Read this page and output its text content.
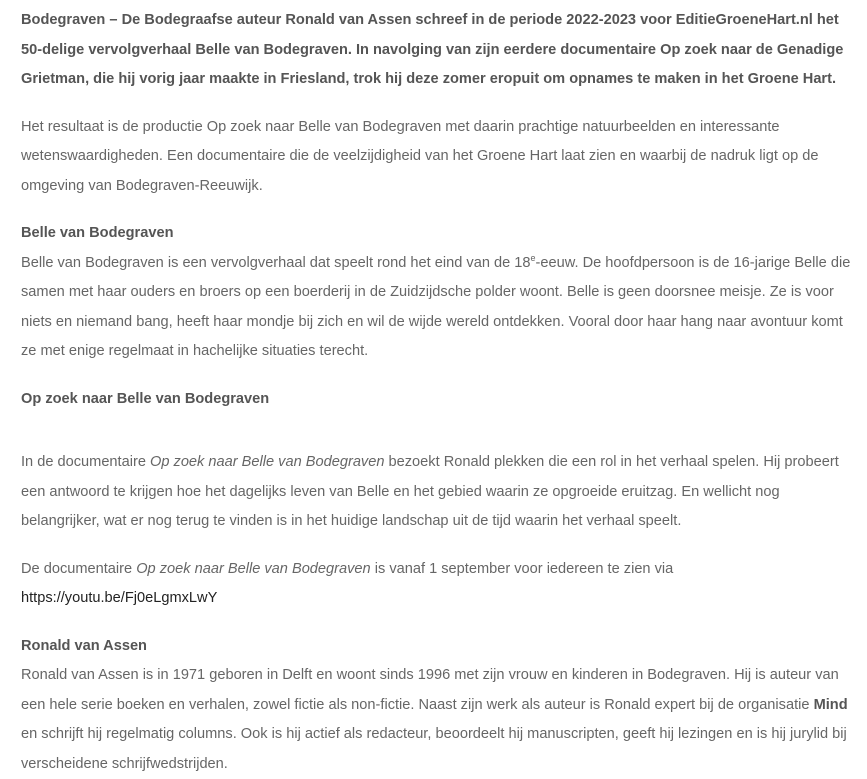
Bodegraven – De Bodegraafse auteur Ronald van Assen schreef in de periode 2022-2023 voor EditieGroeneHart.nl het 50-delige vervolgverhaal Belle van Bodegraven. In navolging van zijn eerdere documentaire Op zoek naar de Genadige Grietman, die hij vorig jaar maakte in Friesland, trok hij deze zomer eropuit om opnames te maken in het Groene Hart.

Het resultaat is de productie Op zoek naar Belle van Bodegraven met daarin prachtige natuurbeelden en interessante wetenswaardigheden. Een documentaire die de veelzijdigheid van het Groene Hart laat zien en waarbij de nadruk ligt op de omgeving van Bodegraven-Reeuwijk.

Belle van Bodegraven

Belle van Bodegraven is een vervolgverhaal dat speelt rond het eind van de 18e-eeuw. De hoofdpersoon is de 16-jarige Belle die samen met haar ouders en broers op een boerderij in de Zuidzijdsche polder woont. Belle is geen doorsnee meisje. Ze is voor niets en niemand bang, heeft haar mondje bij zich en wil de wijde wereld ontdekken. Vooral door haar hang naar avontuur komt ze met enige regelmaat in hachelijke situaties terecht.

Op zoek naar Belle van Bodegraven

In de documentaire Op zoek naar Belle van Bodegraven bezoekt Ronald plekken die een rol in het verhaal spelen. Hij probeert een antwoord te krijgen hoe het dagelijks leven van Belle en het gebied waarin ze opgroeide eruitzag. En wellicht nog belangrijker, wat er nog terug te vinden is in het huidige landschap uit de tijd waarin het verhaal speelt.

De documentaire Op zoek naar Belle van Bodegraven is vanaf 1 september voor iedereen te zien via https://youtu.be/Fj0eLgmxLwY

Ronald van Assen

Ronald van Assen is in 1971 geboren in Delft en woont sinds 1996 met zijn vrouw en kinderen in Bodegraven. Hij is auteur van een hele serie boeken en verhalen, zowel fictie als non-fictie. Naast zijn werk als auteur is Ronald expert bij de organisatie Mind en schrijft hij regelmatig columns. Ook is hij actief als redacteur, beoordeelt hij manuscripten, geeft hij lezingen en is hij jurylid bij verscheidene schrijfwedstrijden.
